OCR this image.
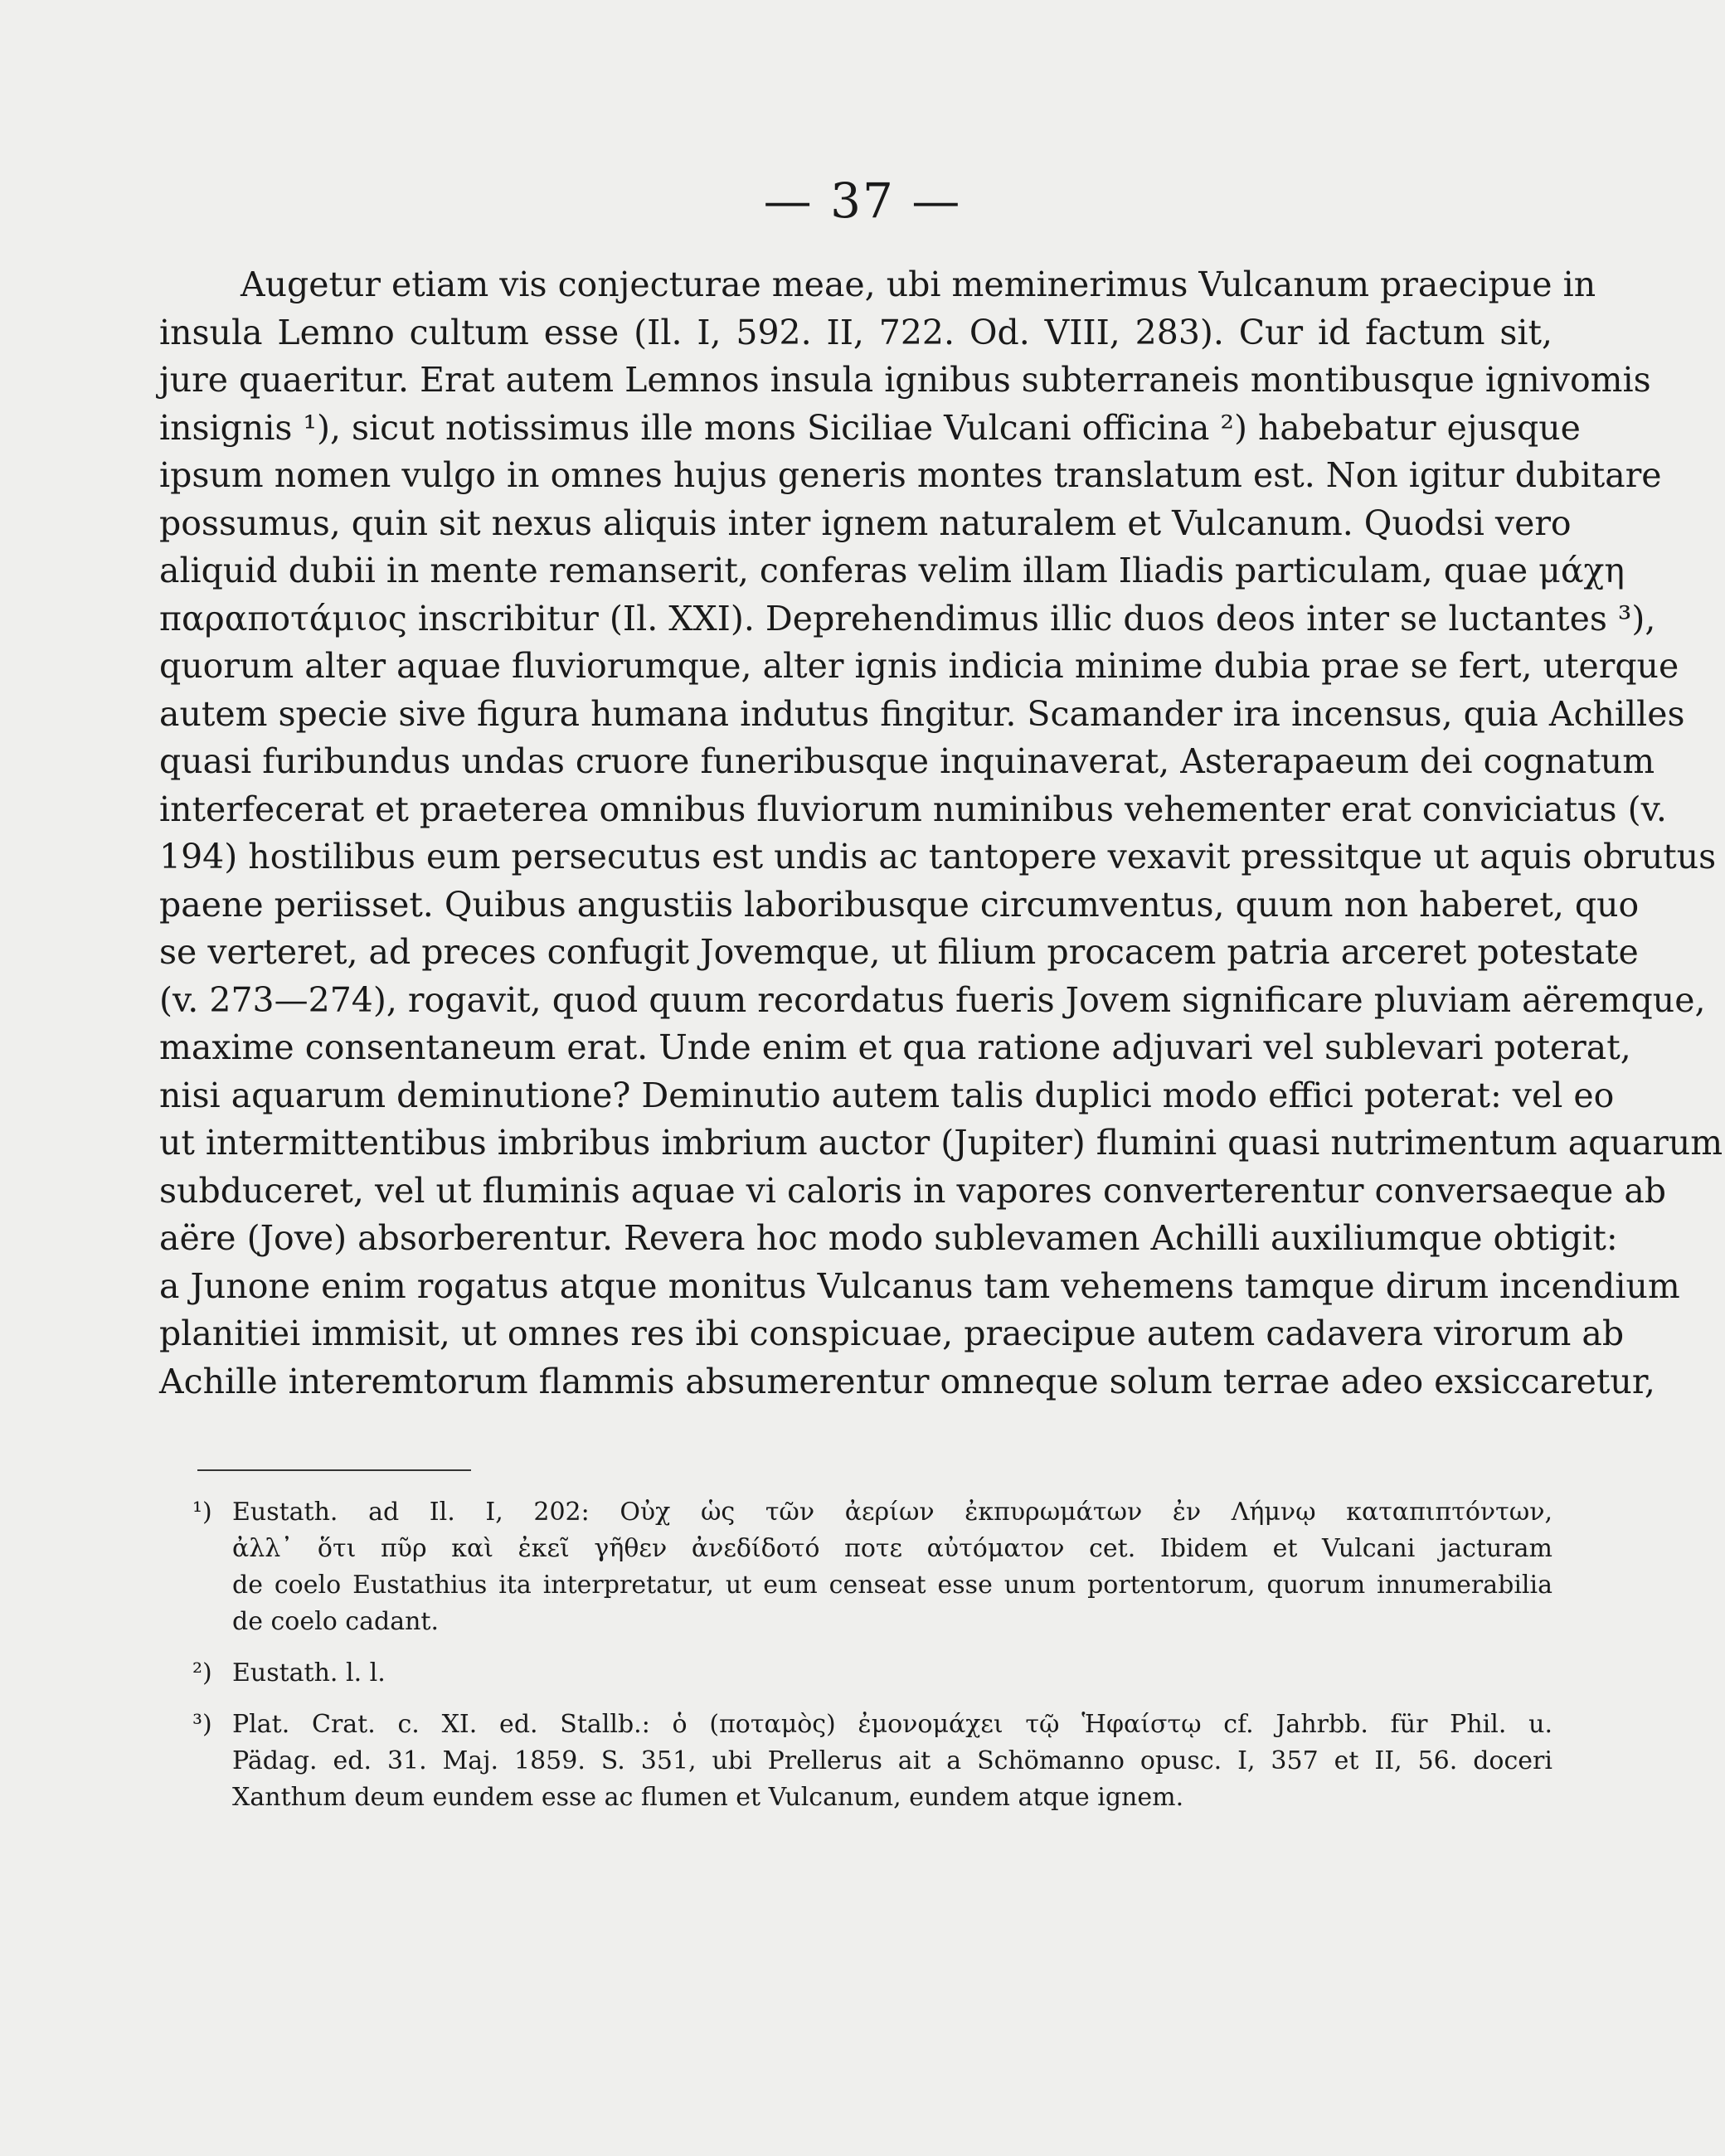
— 37 —
Augetur etiam vis conjecturae meae, ubi meminerimus Vulcanum praecipue in
insula Lemno cultum esse (Il. I, 592. II, 722. Od. VIII, 283). Cur id factum sit,
jure quaeritur. Erat autem Lemnos insula ignibus subterraneis montibusque ignivomis
insignis ¹), sicut notissimus ille mons Siciliae Vulcani officina ²) habebatur ejusque
ipsum nomen vulgo in omnes hujus generis montes translatum est. Non igitur dubitare
possumus, quin sit nexus aliquis inter ignem naturalem et Vulcanum. Quodsi vero
aliquid dubii in mente remanserit, conferas velim illam Iliadis particulam, quae μάχη
παραποτάμιος inscribitur (Il. XXI). Deprehendimus illic duos deos inter se luctantes ³),
quorum alter aquae fluviorumque, alter ignis indicia minime dubia prae se fert, uterque
autem specie sive figura humana indutus fingitur. Scamander ira incensus, quia Achilles
quasi furibundus undas cruore funeribusque inquinaverat, Asterapaeum dei cognatum
interfecerat et praeterea omnibus fluviorum numinibus vehementer erat conviciatus (v.
194) hostilibus eum persecutus est undis ac tantopere vexavit pressitque ut aquis obrutus
paene periisset. Quibus angustiis laboribusque circumventus, quum non haberet, quo
se verteret, ad preces confugit Jovemque, ut filium procacem patria arceret potestate
(v. 273—274), rogavit, quod quum recordatus fueris Jovem significare pluviam aëremque,
maxime consentaneum erat. Unde enim et qua ratione adjuvari vel sublevari poterat,
nisi aquarum deminutione? Deminutio autem talis duplici modo effici poterat: vel eo
ut intermittentibus imbribus imbrium auctor (Jupiter) flumini quasi nutrimentum aquarum
subduceret, vel ut fluminis aquae vi caloris in vapores converterentur conversaeque ab
aëre (Jove) absorberentur. Revera hoc modo sublevamen Achilli auxiliumque obtigit:
a Junone enim rogatus atque monitus Vulcanus tam vehemens tamque dirum incendium
planitiei immisit, ut omnes res ibi conspicuae, praecipue autem cadavera virorum ab
Achille interemtorum flammis absumerentur omneque solum terrae adeo exsiccaretur,
¹) Eustath. ad Il. I, 202: Οὐχ ὡς τῶν ἀερίων ἐκπυρωμάτων ἐν Λήμνῳ καταπιπτόντων,
ἀλλ᾽ ὅτι πῦρ καὶ ἐκεῖ γῆθεν ἀνεδίδοτό ποτε αὐτόματον cet. Ibidem et Vulcani jacturam
de coelo Eustathius ita interpretatur, ut eum censeat esse unum portentorum, quorum innumerabilia
de coelo cadant.
²) Eustath. l. l.
³) Plat. Crat. c. XI. ed. Stallb.: ὁ (ποταμὸς) ἐμονομάχει τῷ Ἡφαίστῳ cf. Jahrbb. für Phil. u.
Pädag. ed. 31. Maj. 1859. S. 351, ubi Prellerus ait a Schömanno opusc. I, 357 et II, 56. doceri
Xanthum deum eundem esse ac flumen et Vulcanum, eundem atque ignem.
